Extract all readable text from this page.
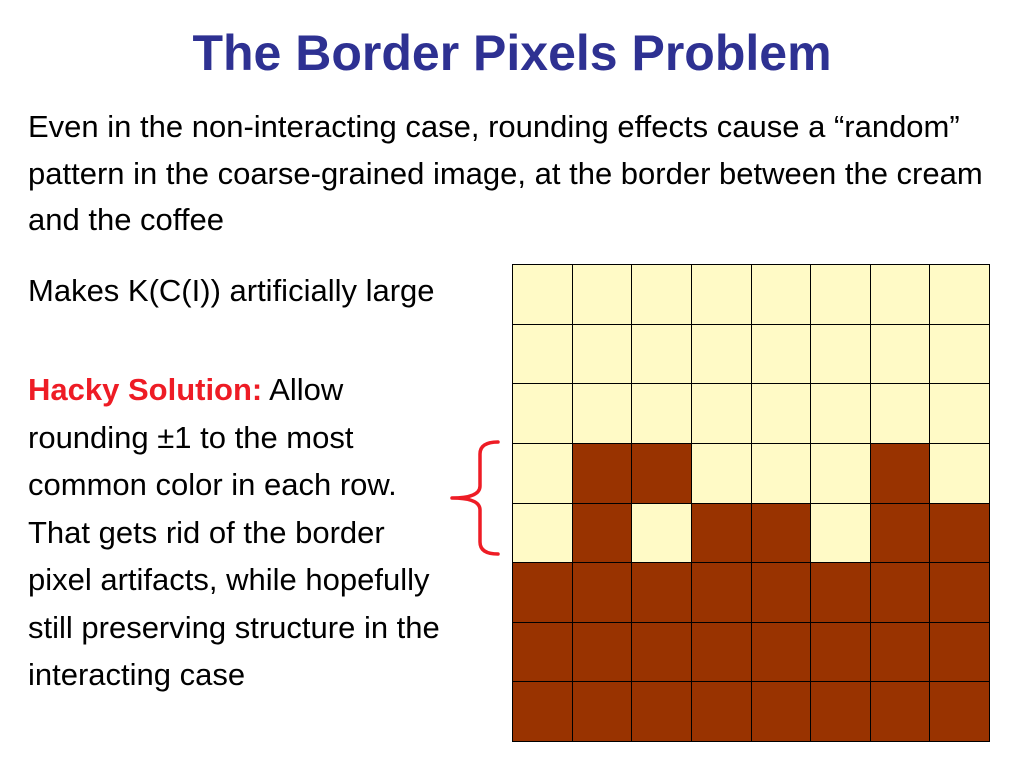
The Border Pixels Problem

Even in the non-interacting case, rounding effects cause a “random” pattern in the coarse-grained image, at the border between the cream and the coffee

Makes K(C(I)) artificially large

Hacky Solution: Allow rounding ±1 to the most common color in each row. That gets rid of the border pixel artifacts, while hopefully still preserving structure in the interacting case
